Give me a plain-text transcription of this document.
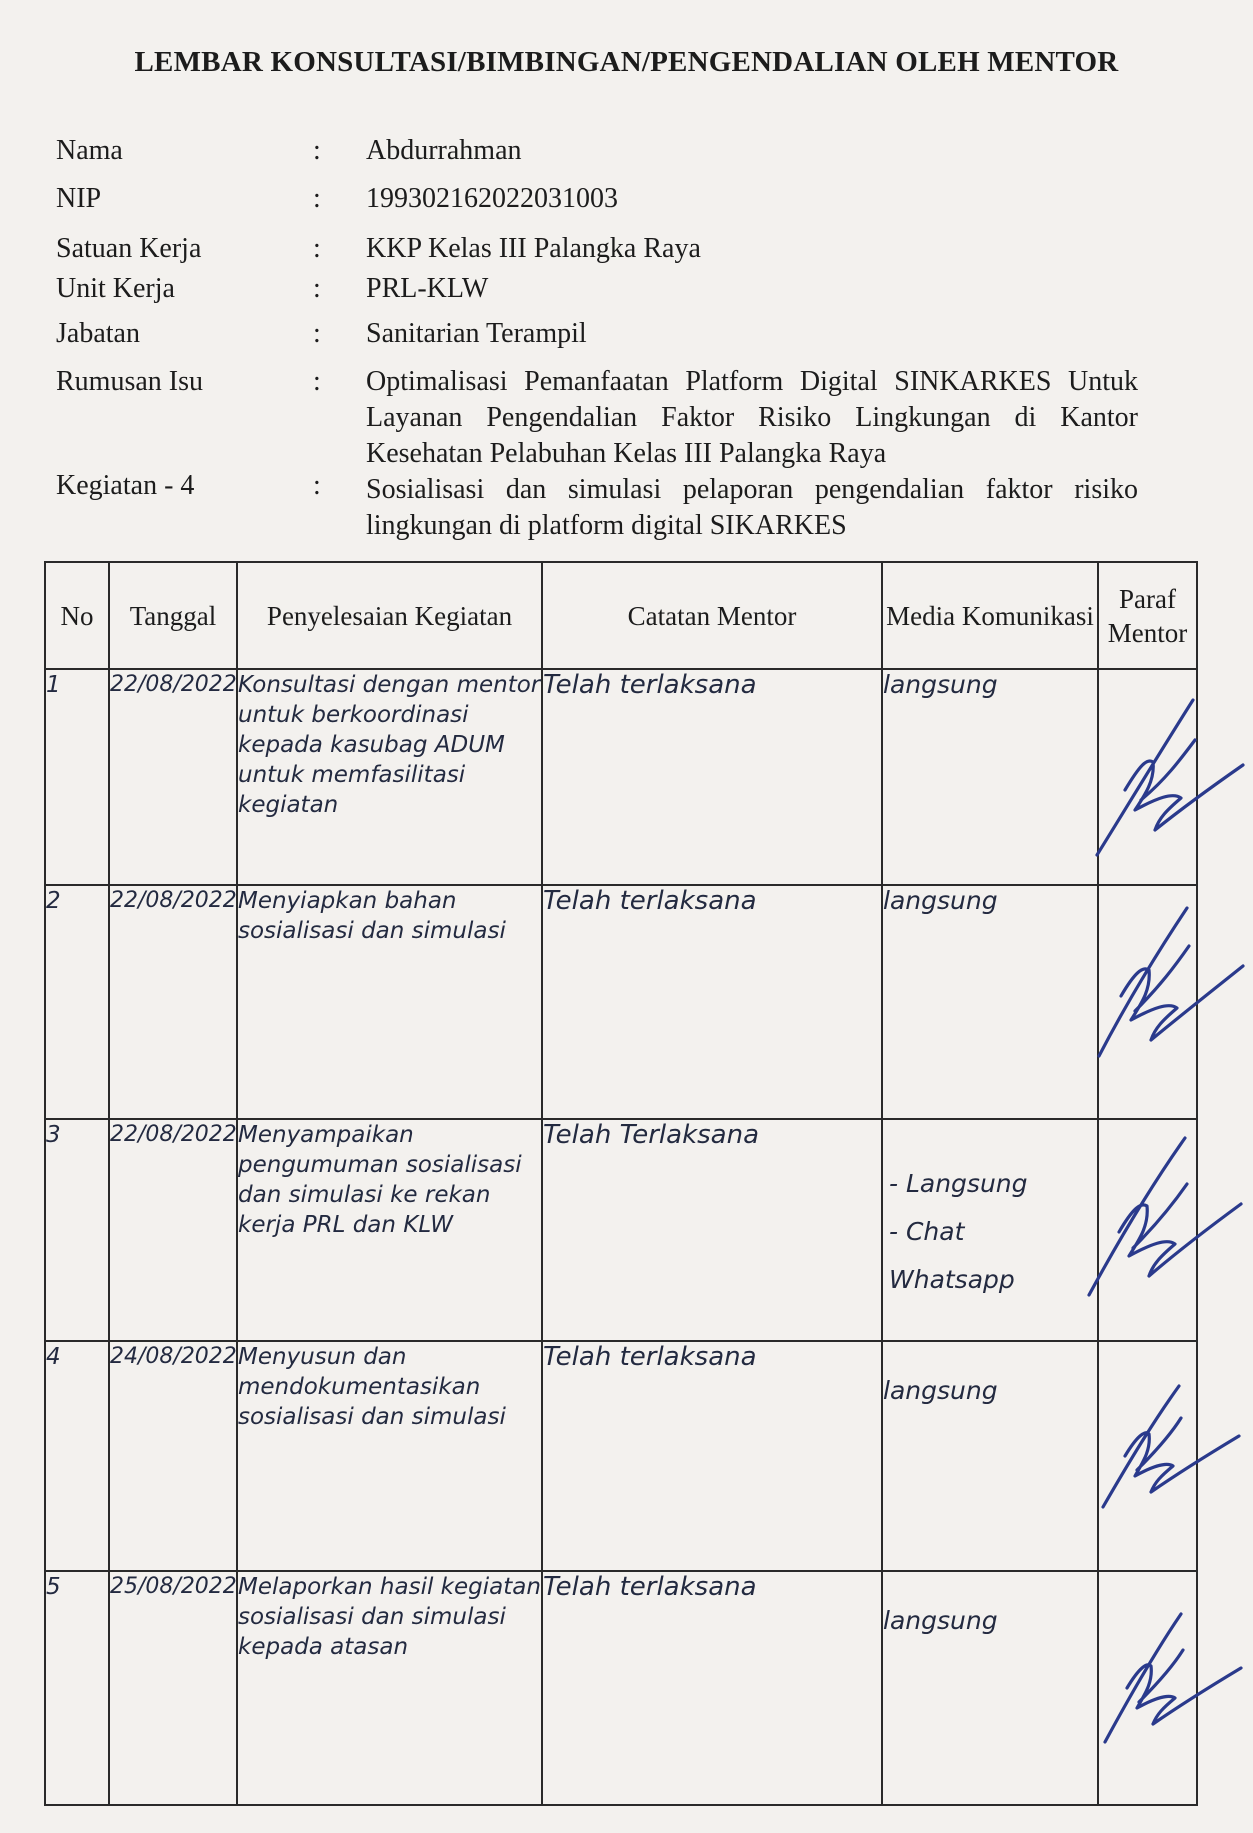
LEMBAR KONSULTASI/BIMBINGAN/PENGENDALIAN OLEH MENTOR
Nama	: Abdurrahman
NIP	: 199302162022031003
Satuan Kerja	: KKP Kelas III Palangka Raya
Unit Kerja	: PRL-KLW
Jabatan	: Sanitarian Terampil
Rumusan Isu	: Optimalisasi Pemanfaatan Platform Digital SINKARKES Untuk Layanan Pengendalian Faktor Risiko Lingkungan di Kantor Kesehatan Pelabuhan Kelas III Palangka Raya
Kegiatan - 4	: Sosialisasi dan simulasi pelaporan pengendalian faktor risiko lingkungan di platform digital SIKARKES
No	Tanggal	Penyelesaian Kegiatan	Catatan Mentor	Media Komunikasi	Paraf Mentor
1	22/08/2022	Konsultasi dengan mentor untuk berkoordinasi kepada kasubag ADUM untuk memfasilitasi kegiatan	Telah terlaksana	langsung	

2	22/08/2022	Menyiapkan bahan sosialisasi dan simulasi	Telah terlaksana	langsung	

3	22/08/2022	Menyampaikan pengumuman sosialisasi dan simulasi ke rekan kerja PRL dan KLW	Telah Terlaksana	- Langsung
- Chat Whatsapp	

4	24/08/2022	Menyusun dan mendokumentasikan sosialisasi dan simulasi	Telah terlaksana	langsung	

5	25/08/2022	Melaporkan hasil kegiatan sosialisasi dan simulasi kepada atasan	Telah terlaksana	langsung	
